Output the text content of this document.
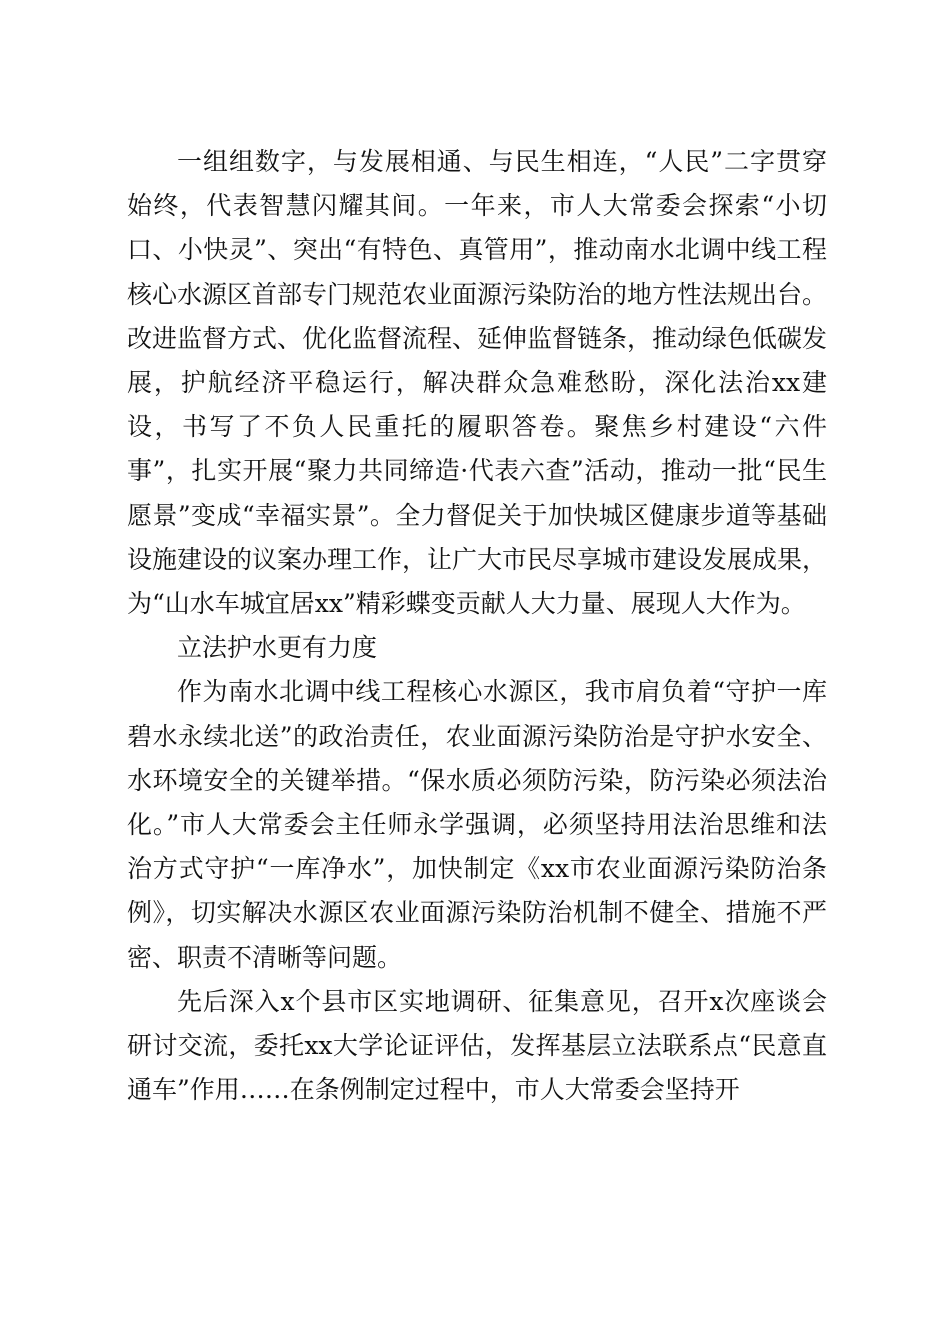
一组组数字，与发展相通、与民生相连，“人民”二字贯穿始终，代表智慧闪耀其间。一年来，市人大常委会探索“小切口、小快灵”、突出“有特色、真管用”，推动南水北调中线工程核心水源区首部专门规范农业面源污染防治的地方性法规出台。改进监督方式、优化监督流程、延伸监督链条，推动绿色低碳发展，护航经济平稳运行，解决群众急难愁盼，深化法治xx建设，书写了不负人民重托的履职答卷。聚焦乡村建设“六件事”，扎实开展“聚力共同缔造·代表六查”活动，推动一批“民生愿景”变成“幸福实景”。全力督促关于加快城区健康步道等基础设施建设的议案办理工作，让广大市民尽享城市建设发展成果，为“山水车城宜居xx”精彩蝶变贡献人大力量、展现人大作为。

立法护水更有力度

作为南水北调中线工程核心水源区，我市肩负着“守护一库碧水永续北送”的政治责任，农业面源污染防治是守护水安全、水环境安全的关键举措。“保水质必须防污染，防污染必须法治化。”市人大常委会主任师永学强调，必须坚持用法治思维和法治方式守护“一库净水”，加快制定《xx市农业面源污染防治条例》，切实解决水源区农业面源污染防治机制不健全、措施不严密、职责不清晰等问题。

先后深入x个县市区实地调研、征集意见，召开x次座谈会研讨交流，委托xx大学论证评估，发挥基层立法联系点“民意直通车”作用……在条例制定过程中，市人大常委会坚持开
